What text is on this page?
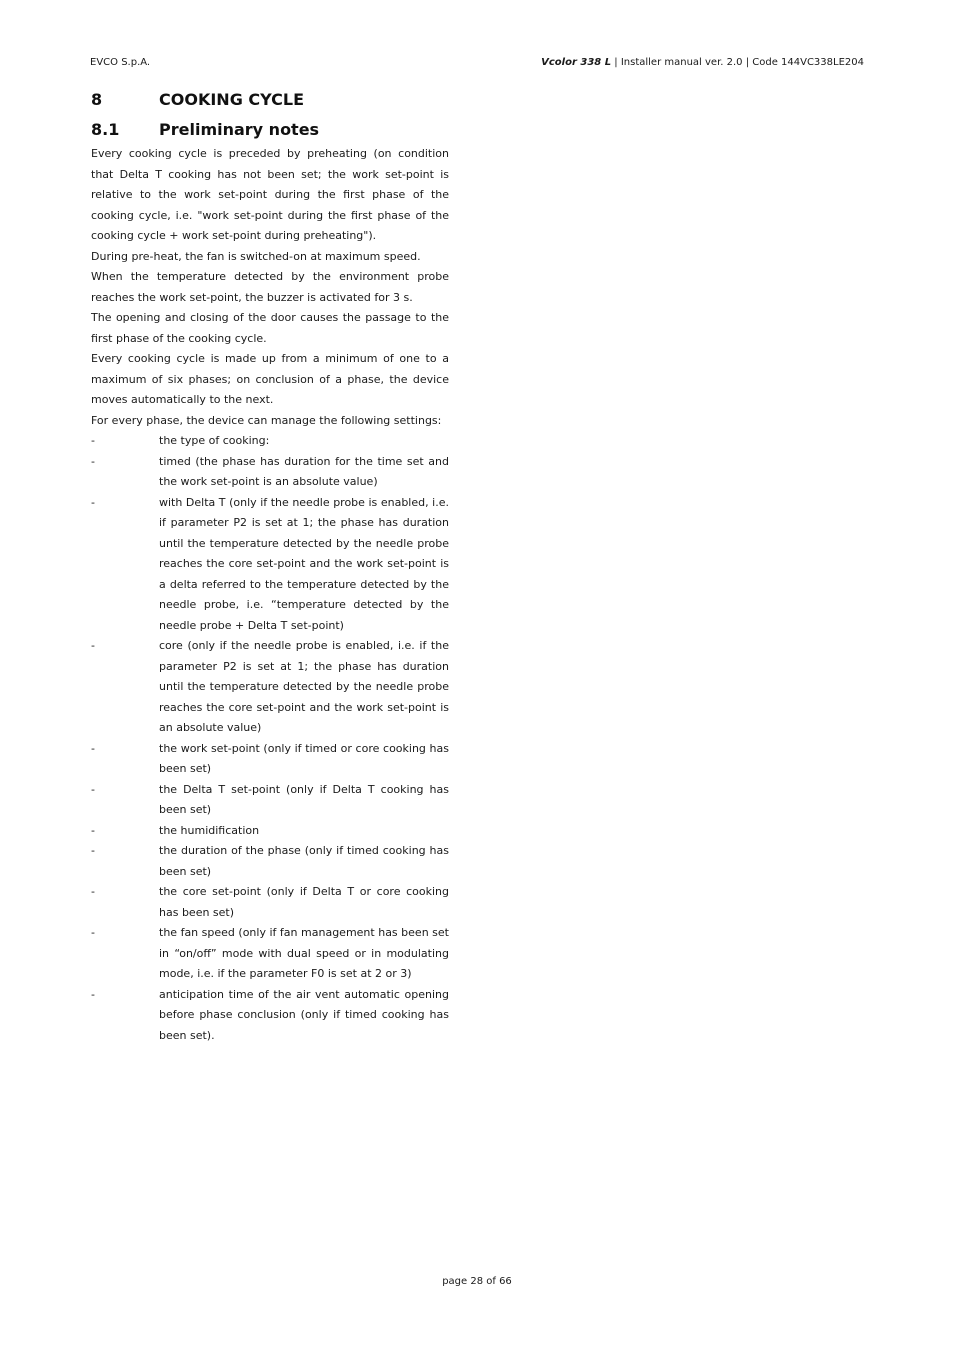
EVCO S.p.A.	Vcolor 338 L | Installer manual ver. 2.0 | Code 144VC338LE204
8	COOKING CYCLE
8.1 Preliminary notes

Every cooking cycle is preceded by preheating (on condition that Delta T cooking has not been set; the work set-point is relative to the work set-point during the first phase of the cooking cycle, i.e. "work set-point during the first phase of the cooking cycle + work set-point during preheating").

During pre-heat, the fan is switched-on at maximum speed.

When the temperature detected by the environment probe reaches the work set-point, the buzzer is activated for 3 s.

The opening and closing of the door causes the passage to the first phase of the cooking cycle.

Every cooking cycle is made up from a minimum of one to a maximum of six phases; on conclusion of a phase, the device moves automatically to the next.

For every phase, the device can manage the following settings:

-	the type of cooking:
-	timed (the phase has duration for the time set and the work set-point is an absolute value)
-	with Delta T (only if the needle probe is enabled, i.e. if parameter P2 is set at 1; the phase has duration until the temperature detected by the needle probe reaches the core set-point and the work set-point is a delta referred to the temperature detected by the needle probe, i.e. “temperature detected by the needle probe + Delta T set-point)
-	core (only if the needle probe is enabled, i.e. if the parameter P2 is set at 1; the phase has duration until the temperature detected by the needle probe reaches the core set-point and the work set-point is an absolute value)
-	the work set-point (only if timed or core cooking has been set)
-	the Delta T set-point (only if Delta T cooking has been set)
-	the humidification
-	the duration of the phase (only if timed cooking has been set)
-	the core set-point (only if Delta T or core cooking has been set)
-	the fan speed (only if fan management has been set in “on/off” mode with dual speed or in modulating mode, i.e. if the parameter F0 is set at 2 or 3)
-	anticipation time of the air vent automatic opening before phase conclusion (only if timed cooking has been set).
page 28 of 66
